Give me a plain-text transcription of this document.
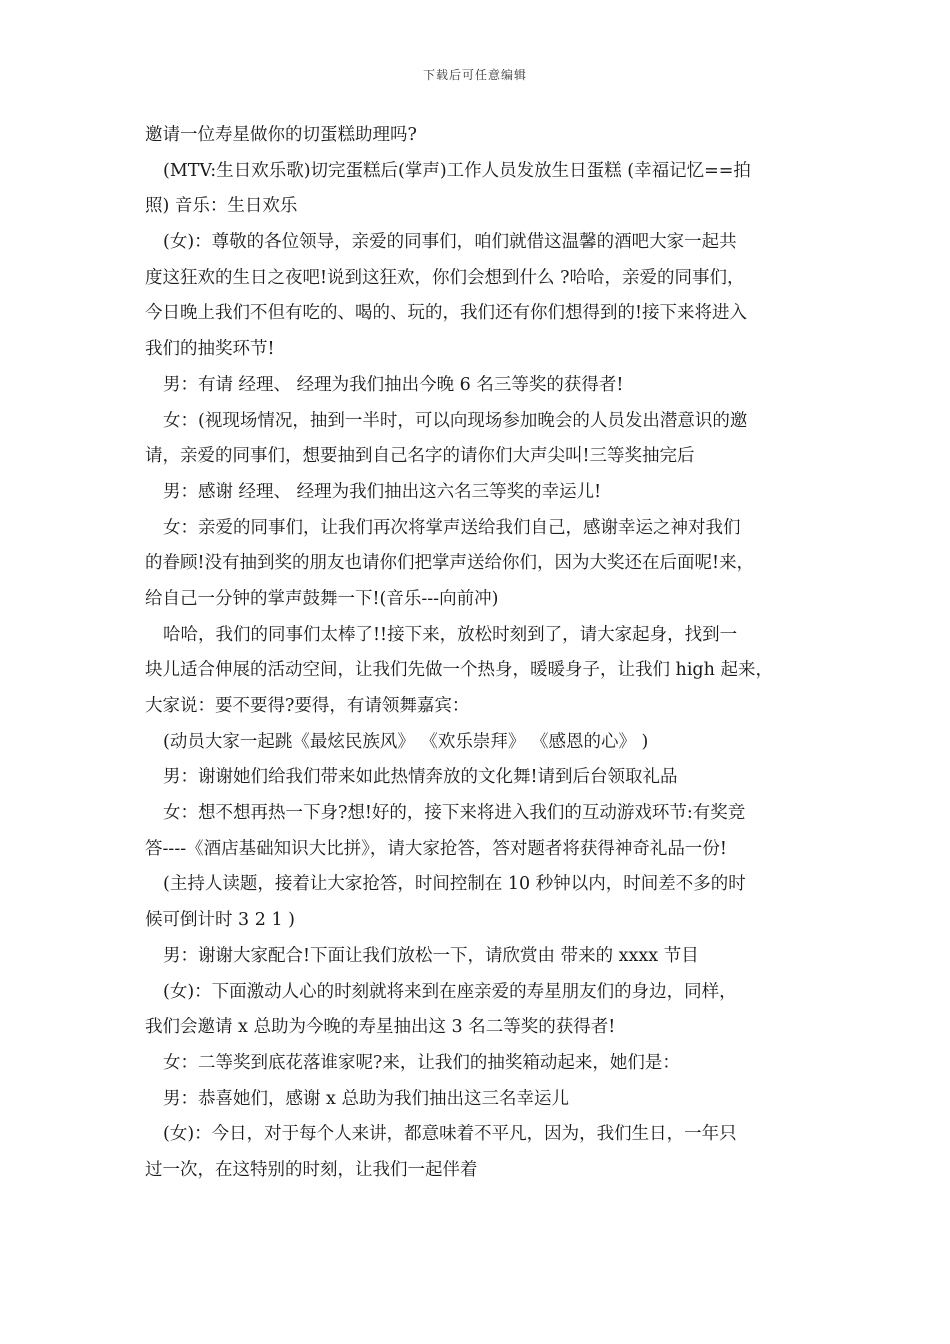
下载后可任意编辑
邀请一位寿星做你的切蛋糕助理吗?
(MTV:生日欢乐歌)切完蛋糕后(掌声)工作人员发放生日蛋糕 (幸福记忆==拍
照) 音乐：生日欢乐
(女)：尊敬的各位领导，亲爱的同事们，咱们就借这温馨的酒吧大家一起共
度这狂欢的生日之夜吧!说到这狂欢，你们会想到什么 ?哈哈，亲爱的同事们，
今日晚上我们不但有吃的、喝的、玩的，我们还有你们想得到的!接下来将进入
我们的抽奖环节!
男：有请 经理、 经理为我们抽出今晚 6 名三等奖的获得者!
女：(视现场情况，抽到一半时，可以向现场参加晚会的人员发出潜意识的邀
请，亲爱的同事们，想要抽到自己名字的请你们大声尖叫!三等奖抽完后
男：感谢 经理、 经理为我们抽出这六名三等奖的幸运儿!
女：亲爱的同事们，让我们再次将掌声送给我们自己，感谢幸运之神对我们
的眷顾!没有抽到奖的朋友也请你们把掌声送给你们，因为大奖还在后面呢!来，
给自己一分钟的掌声鼓舞一下!(音乐---向前冲)
哈哈，我们的同事们太棒了!!接下来，放松时刻到了，请大家起身，找到一
块儿适合伸展的活动空间，让我们先做一个热身，暖暖身子，让我们 high 起来，
大家说：要不要得?要得，有请领舞嘉宾：
(动员大家一起跳《最炫民族风》 《欢乐崇拜》 《感恩的心》 )
男：谢谢她们给我们带来如此热情奔放的文化舞!请到后台领取礼品
女：想不想再热一下身?想!好的，接下来将进入我们的互动游戏环节:有奖竞
答----《酒店基础知识大比拼》，请大家抢答，答对题者将获得神奇礼品一份!
(主持人读题，接着让大家抢答，时间控制在 10 秒钟以内，时间差不多的时
候可倒计时 3 2 1 )
男：谢谢大家配合!下面让我们放松一下，请欣赏由 带来的 xxxx 节目
(女)：下面激动人心的时刻就将来到在座亲爱的寿星朋友们的身边，同样，
我们会邀请 x 总助为今晚的寿星抽出这 3 名二等奖的获得者!
女：二等奖到底花落谁家呢?来，让我们的抽奖箱动起来，她们是：
男：恭喜她们，感谢 x 总助为我们抽出这三名幸运儿
(女)：今日，对于每个人来讲，都意味着不平凡，因为，我们生日，一年只
过一次，在这特别的时刻，让我们一起伴着
